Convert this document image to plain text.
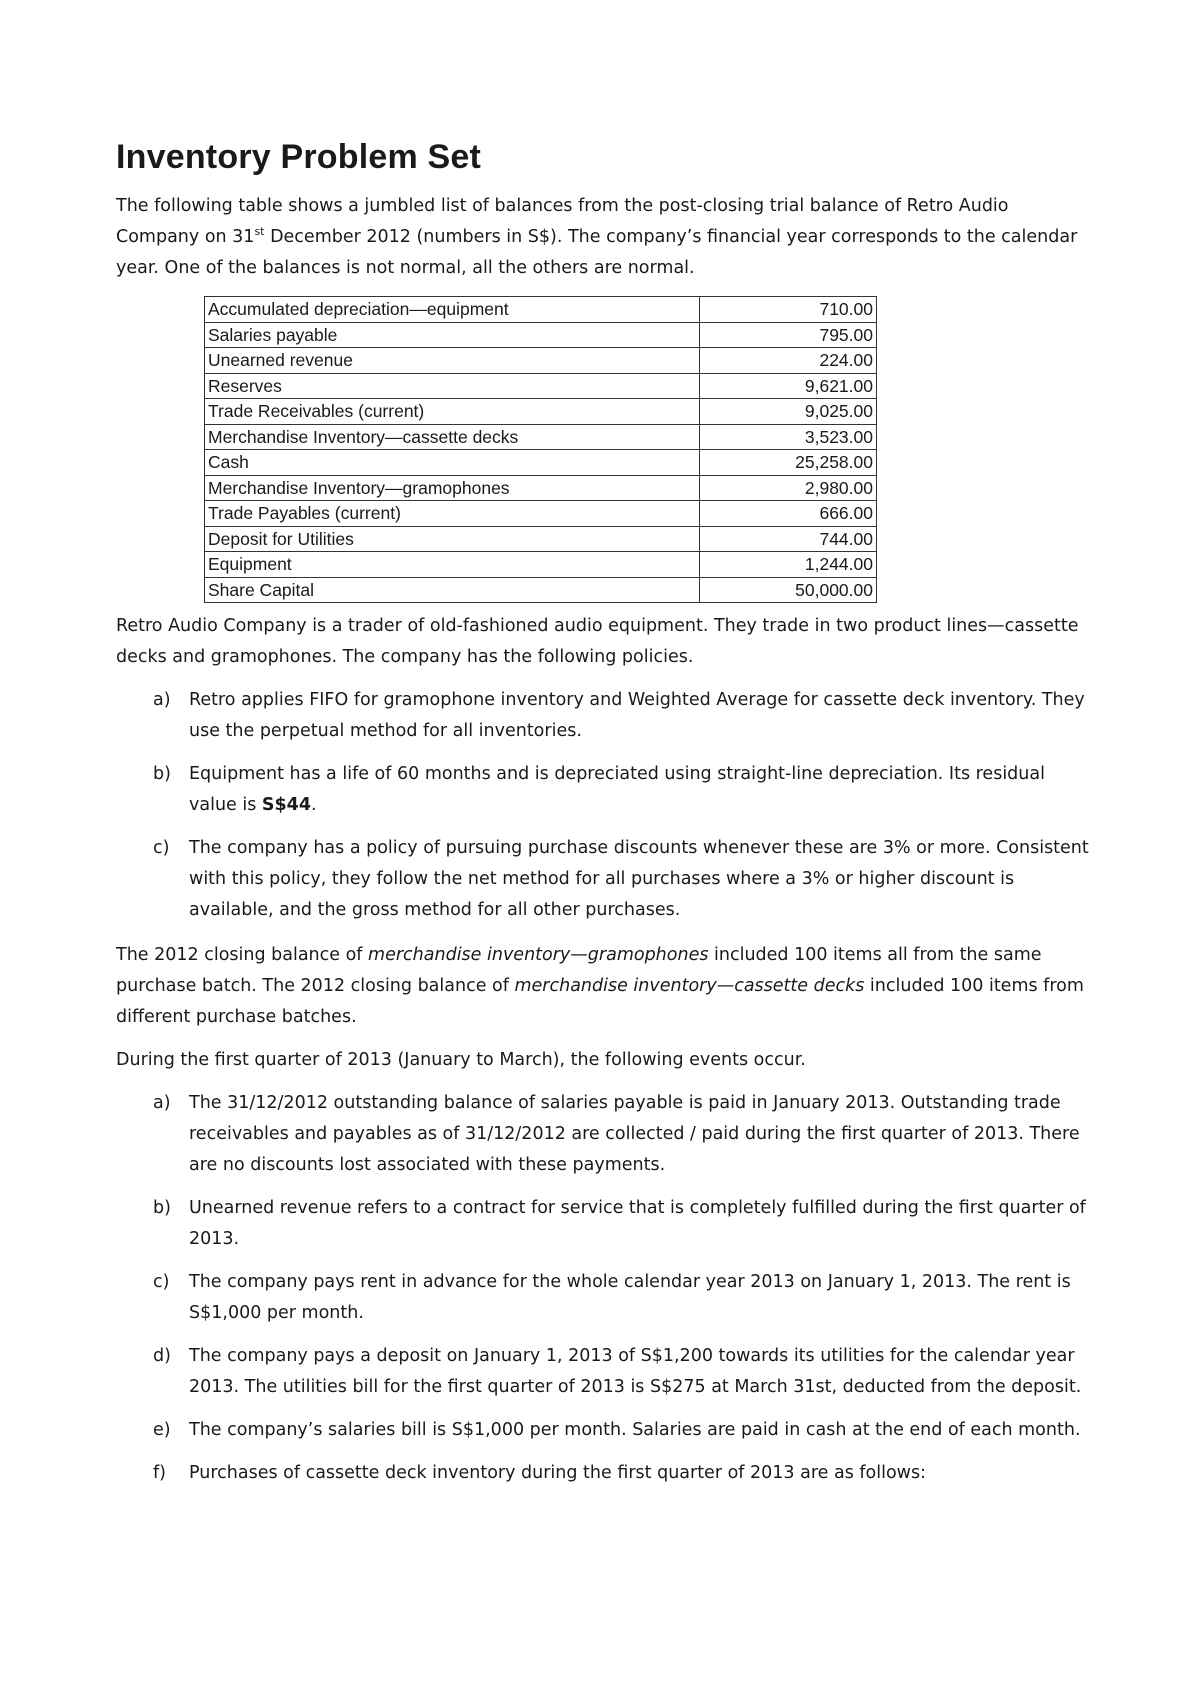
Inventory Problem Set

The following table shows a jumbled list of balances from the post-closing trial balance of Retro Audio Company on 31st December 2012 (numbers in S$). The company’s financial year corresponds to the calendar year. One of the balances is not normal, all the others are normal.

Accumulated depreciation—equipment	710.00
Salaries payable	795.00
Unearned revenue	224.00
Reserves	9,621.00
Trade Receivables (current)	9,025.00
Merchandise Inventory—cassette decks	3,523.00
Cash	25,258.00
Merchandise Inventory—gramophones	2,980.00
Trade Payables (current)	666.00
Deposit for Utilities	744.00
Equipment	1,244.00
Share Capital	50,000.00

Retro Audio Company is a trader of old-fashioned audio equipment. They trade in two product lines—cassette decks and gramophones. The company has the following policies.

a) Retro applies FIFO for gramophone inventory and Weighted Average for cassette deck inventory. They use the perpetual method for all inventories.
b) Equipment has a life of 60 months and is depreciated using straight-line depreciation. Its residual value is S$44.
c) The company has a policy of pursuing purchase discounts whenever these are 3% or more. Consistent with this policy, they follow the net method for all purchases where a 3% or higher discount is available, and the gross method for all other purchases.

The 2012 closing balance of merchandise inventory—gramophones included 100 items all from the same purchase batch. The 2012 closing balance of merchandise inventory—cassette decks included 100 items from different purchase batches.

During the first quarter of 2013 (January to March), the following events occur.

a) The 31/12/2012 outstanding balance of salaries payable is paid in January 2013. Outstanding trade receivables and payables as of 31/12/2012 are collected / paid during the first quarter of 2013. There are no discounts lost associated with these payments.
b) Unearned revenue refers to a contract for service that is completely fulfilled during the first quarter of 2013.
c) The company pays rent in advance for the whole calendar year 2013 on January 1, 2013. The rent is S$1,000 per month.
d) The company pays a deposit on January 1, 2013 of S$1,200 towards its utilities for the calendar year 2013. The utilities bill for the first quarter of 2013 is S$275 at March 31st, deducted from the deposit.
e) The company’s salaries bill is S$1,000 per month. Salaries are paid in cash at the end of each month.
f) Purchases of cassette deck inventory during the first quarter of 2013 are as follows:
